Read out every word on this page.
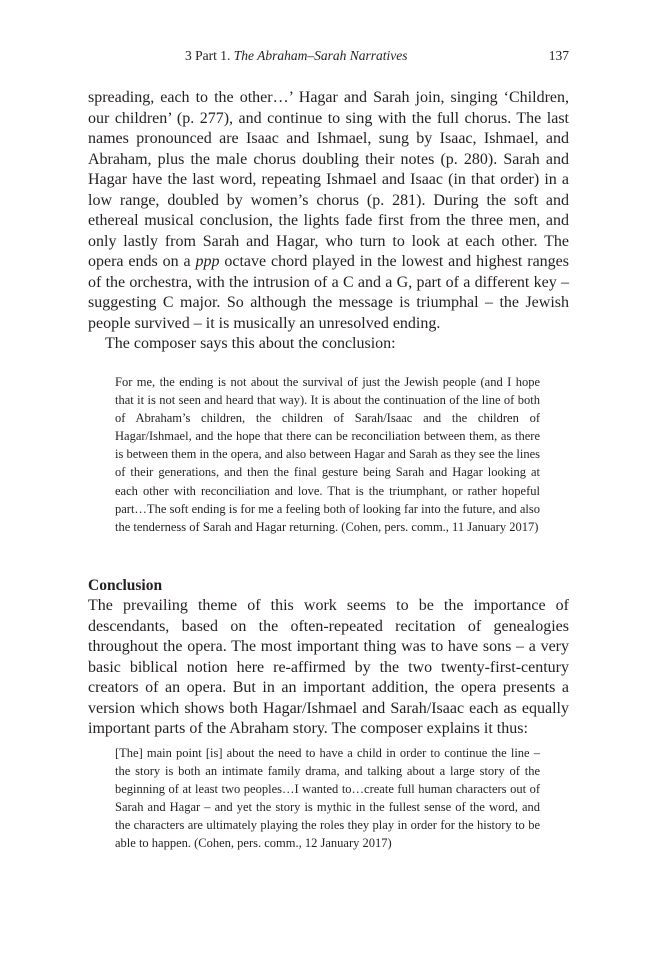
3 Part 1. The Abraham–Sarah Narratives	137

spreading, each to the other…’ Hagar and Sarah join, singing ‘Children, our children’ (p. 277), and continue to sing with the full chorus. The last names pronounced are Isaac and Ishmael, sung by Isaac, Ishmael, and Abraham, plus the male chorus doubling their notes (p. 280). Sarah and Hagar have the last word, repeating Ishmael and Isaac (in that order) in a low range, doubled by women’s chorus (p. 281). During the soft and ethereal musical conclusion, the lights fade first from the three men, and only lastly from Sarah and Hagar, who turn to look at each other. The opera ends on a ppp octave chord played in the lowest and highest ranges of the orchestra, with the intrusion of a C and a G, part of a different key – suggesting C major. So although the message is triumphal – the Jewish people survived – it is musically an unresolved ending.

The composer says this about the conclusion:

For me, the ending is not about the survival of just the Jewish people (and I hope that it is not seen and heard that way). It is about the continuation of the line of both of Abraham’s children, the children of Sarah/Isaac and the children of Hagar/Ishmael, and the hope that there can be reconciliation between them, as there is between them in the opera, and also between Hagar and Sarah as they see the lines of their generations, and then the final gesture being Sarah and Hagar looking at each other with reconciliation and love. That is the triumphant, or rather hopeful part…The soft ending is for me a feeling both of looking far into the future, and also the tenderness of Sarah and Hagar returning. (Cohen, pers. comm., 11 January 2017)

Conclusion

The prevailing theme of this work seems to be the importance of descendants, based on the often-repeated recitation of genealogies throughout the opera. The most important thing was to have sons – a very basic biblical notion here re-affirmed by the two twenty-first-century creators of an opera. But in an important addition, the opera presents a version which shows both Hagar/Ishmael and Sarah/Isaac each as equally important parts of the Abraham story. The composer explains it thus:

[The] main point [is] about the need to have a child in order to continue the line – the story is both an intimate family drama, and talking about a large story of the beginning of at least two peoples…I wanted to…create full human characters out of Sarah and Hagar – and yet the story is mythic in the fullest sense of the word, and the characters are ultimately playing the roles they play in order for the history to be able to happen. (Cohen, pers. comm., 12 January 2017)
